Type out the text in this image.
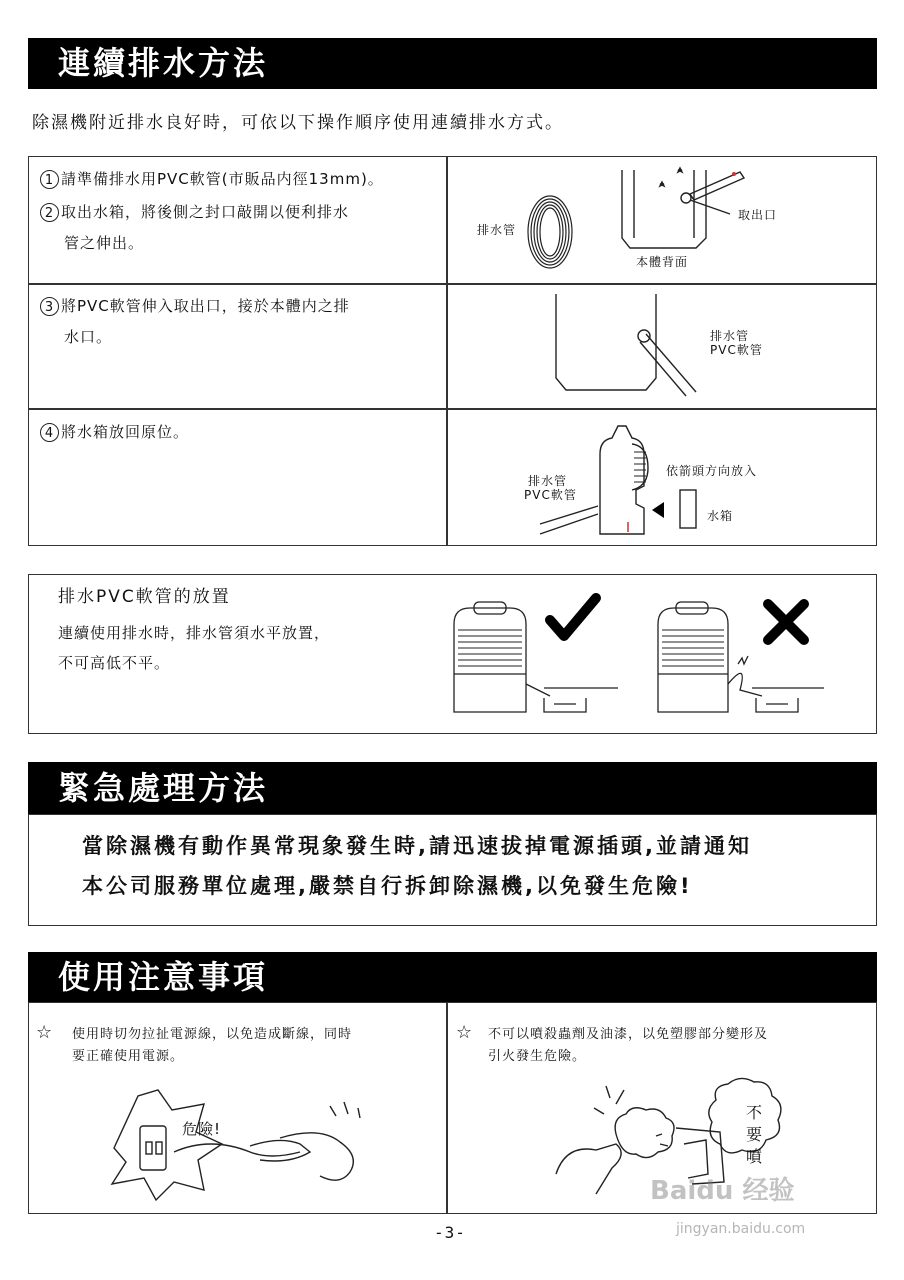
連續排水方法
除濕機附近排水良好時，可依以下操作順序使用連續排水方式。
1 請準備排水用PVC軟管(市販品内徑13mm)。
2 取出水箱，將後側之封口敲開以便利排水
管之伸出。
3 將PVC軟管伸入取出口，接於本體内之排
水口。
4 將水箱放回原位。
排水管
取出口
本體背面
排水管
PVC軟管
依箭頭方向放入
排水管
PVC軟管
水箱
排水PVC軟管的放置
連續使用排水時，排水管須水平放置，
不可高低不平。
緊急處理方法
當除濕機有動作異常現象發生時,請迅速拔掉電源插頭,並請通知
本公司服務單位處理,嚴禁自行拆卸除濕機,以免發生危險!
使用注意事項
☆ 使用時切勿拉扯電源線，以免造成斷線，同時
要正確使用電源。
☆ 不可以噴殺蟲劑及油漆，以免塑膠部分變形及
引火發生危險。
危險!
不
要
噴
Baidu 经验
jingyan.baidu.com
-3-
